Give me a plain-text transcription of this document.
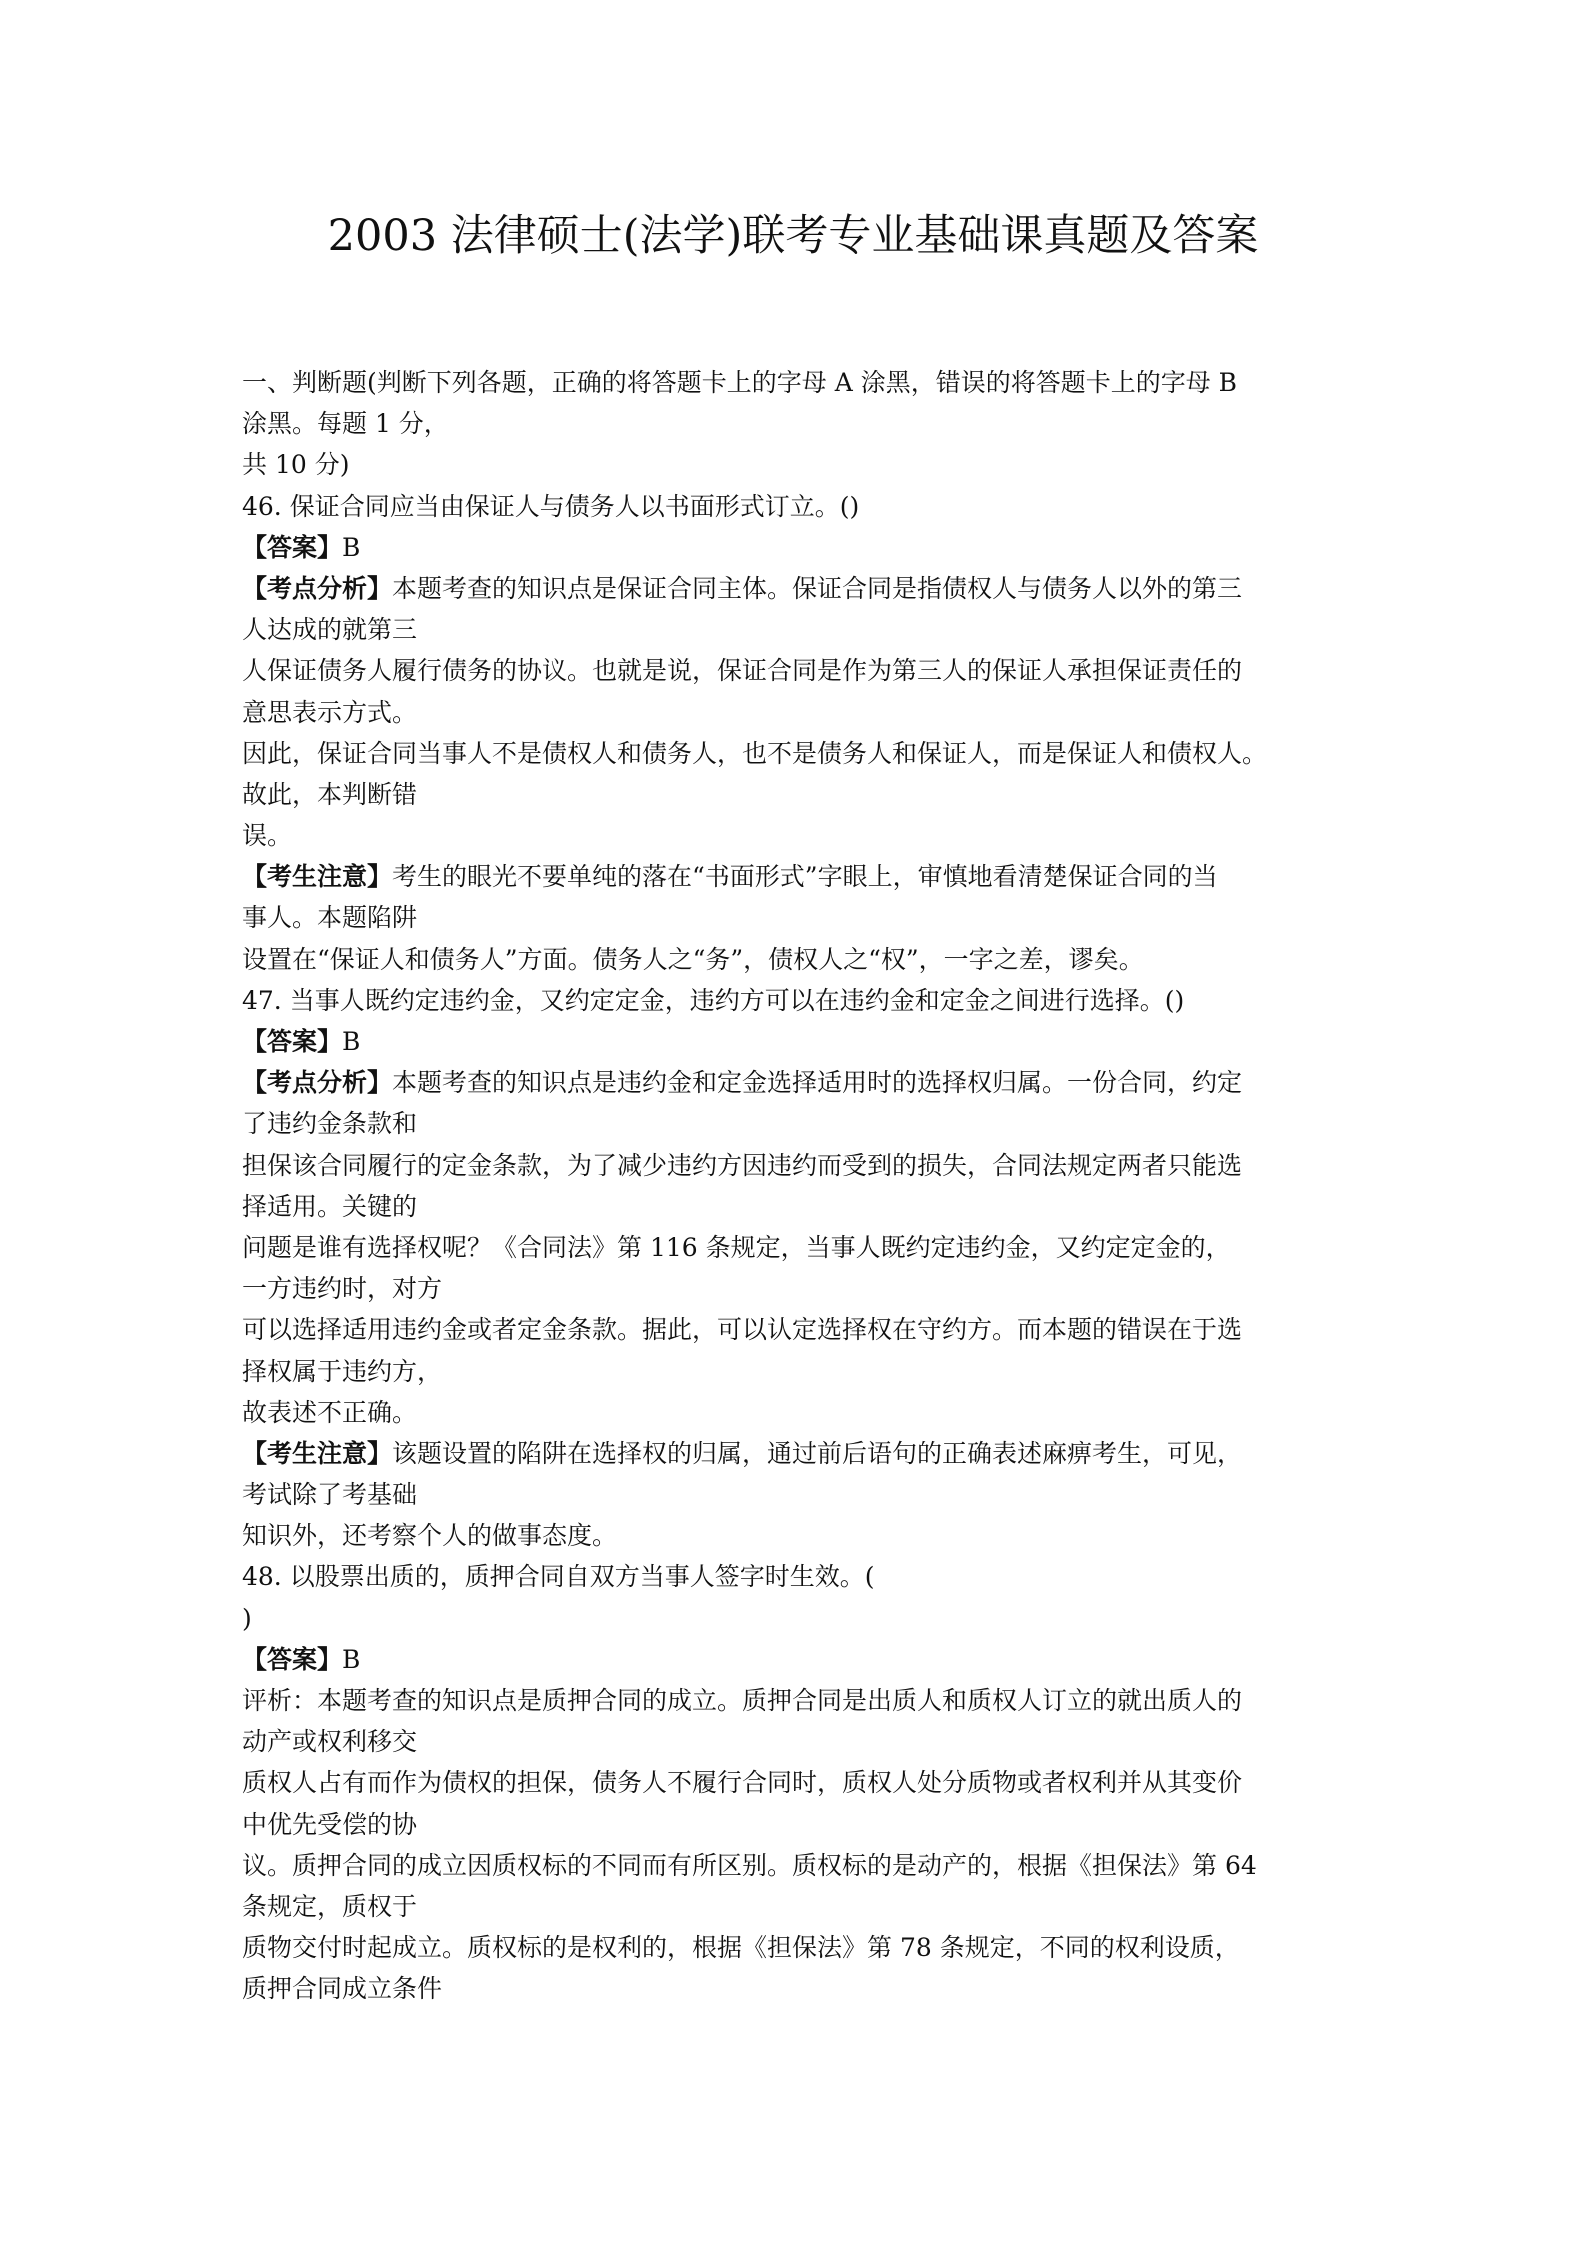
2003 法律硕士(法学)联考专业基础课真题及答案
一、判断题(判断下列各题，正确的将答题卡上的字母 A 涂黑，错误的将答题卡上的字母 B
涂黑。每题 1 分，
共 10 分)
46. 保证合同应当由保证人与债务人以书面形式订立。()
【答案】B
【考点分析】本题考查的知识点是保证合同主体。保证合同是指债权人与债务人以外的第三
人达成的就第三
人保证债务人履行债务的协议。也就是说，保证合同是作为第三人的保证人承担保证责任的
意思表示方式。
因此，保证合同当事人不是债权人和债务人，也不是债务人和保证人，而是保证人和债权人。
故此，本判断错
误。
【考生注意】考生的眼光不要单纯的落在“书面形式”字眼上，审慎地看清楚保证合同的当
事人。本题陷阱
设置在“保证人和债务人”方面。债务人之“务”，债权人之“权”，一字之差，谬矣。
47. 当事人既约定违约金，又约定定金，违约方可以在违约金和定金之间进行选择。()
【答案】B
【考点分析】本题考查的知识点是违约金和定金选择适用时的选择权归属。一份合同，约定
了违约金条款和
担保该合同履行的定金条款，为了减少违约方因违约而受到的损失，合同法规定两者只能选
择适用。关键的
问题是谁有选择权呢？《合同法》第 116 条规定，当事人既约定违约金，又约定定金的，
一方违约时，对方
可以选择适用违约金或者定金条款。据此，可以认定选择权在守约方。而本题的错误在于选
择权属于违约方，
故表述不正确。
【考生注意】该题设置的陷阱在选择权的归属，通过前后语句的正确表述麻痹考生，可见，
考试除了考基础
知识外，还考察个人的做事态度。
48. 以股票出质的，质押合同自双方当事人签字时生效。(
)
【答案】B
评析：本题考查的知识点是质押合同的成立。质押合同是出质人和质权人订立的就出质人的
动产或权利移交
质权人占有而作为债权的担保，债务人不履行合同时，质权人处分质物或者权利并从其变价
中优先受偿的协
议。质押合同的成立因质权标的不同而有所区别。质权标的是动产的，根据《担保法》第 64
条规定，质权于
质物交付时起成立。质权标的是权利的，根据《担保法》第 78 条规定，不同的权利设质，
质押合同成立条件
